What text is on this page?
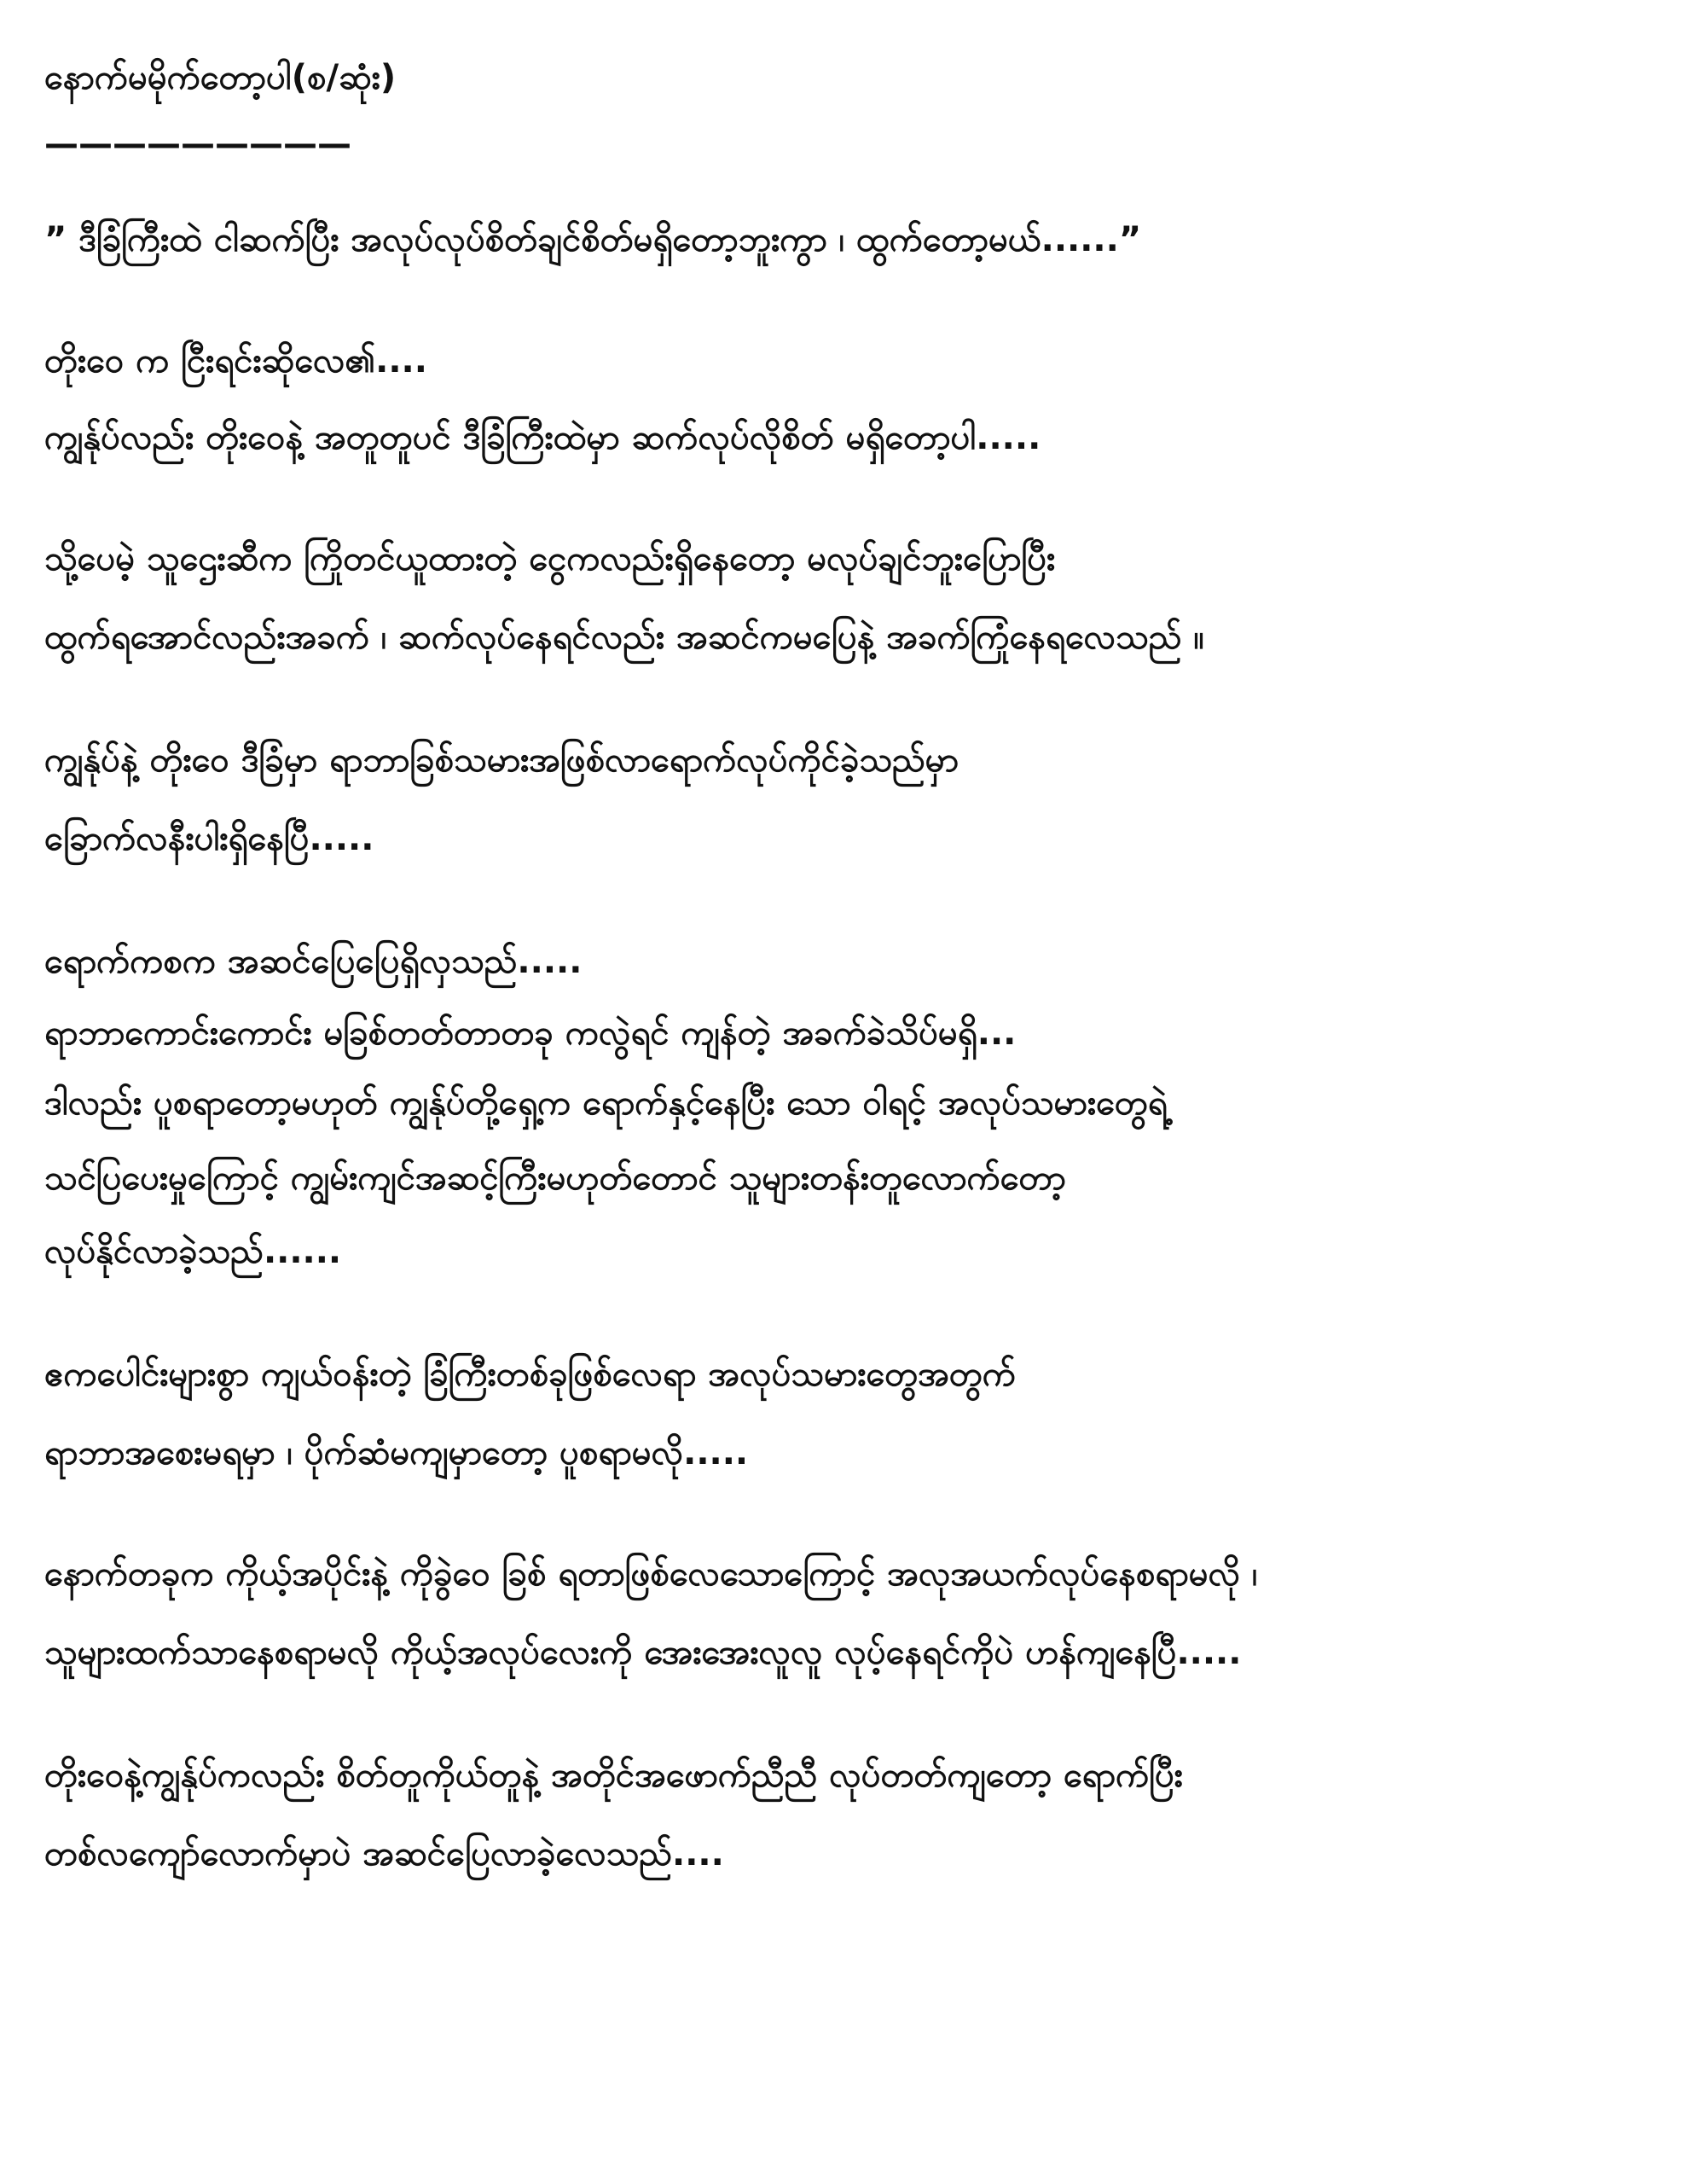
နောက်မမိုက်တော့ပါ(စ/ဆုံး)
—————————
” ဒီခြံကြီးထဲ ငါဆက်ပြီး အလုပ်လုပ်စိတ်ချင်စိတ်မရှိတော့ဘူးကွာ ၊ ထွက်တော့မယ်......”
တိုးဝေ က ငြီးရင်းဆိုလေ၏....
ကျွန်ုပ်လည်း တိုးဝေနဲ့ အတူတူပင် ဒီခြံကြီးထဲမှာ ဆက်လုပ်လိုစိတ် မရှိတော့ပါ.....
သို့ပေမဲ့ သူဌေးဆီက ကြိုတင်ယူထားတဲ့ ငွေကလည်းရှိနေတော့ မလုပ်ချင်ဘူးပြောပြီး
ထွက်ရအောင်လည်းအခက် ၊ ဆက်လုပ်နေရင်လည်း အဆင်ကမပြေနဲ့ အခက်ကြုံနေရလေသည် ။
ကျွန်ုပ်နဲ့ တိုးဝေ ဒီခြံမှာ ရာဘာခြစ်သမားအဖြစ်လာရောက်လုပ်ကိုင်ခဲ့သည်မှာ
ခြောက်လနီးပါးရှိနေပြီ.....
ရောက်ကစက အဆင်ပြေပြေရှိလှသည်.....
ရာဘာကောင်းကောင်း မခြစ်တတ်တာတခု ကလွဲရင် ကျန်တဲ့ အခက်ခဲသိပ်မရှိ...
ဒါလည်း ပူစရာတော့မဟုတ် ကျွန်ုပ်တို့ရှေ့က ရောက်နှင့်နေပြီး သော ဝါရင့် အလုပ်သမားတွေရဲ့
သင်ပြပေးမှုကြောင့် ကျွမ်းကျင်အဆင့်ကြီးမဟုတ်တောင် သူများတန်းတူလောက်တော့
လုပ်နိုင်လာခဲ့သည်......
ဧကပေါင်းများစွာ ကျယ်ဝန်းတဲ့ ခြံကြီးတစ်ခုဖြစ်လေရာ အလုပ်သမားတွေအတွက်
ရာဘာအစေးမရမှာ ၊ ပိုက်ဆံမကျမှာတော့ ပူစရာမလို.....
နောက်တခုက ကိုယ့်အပိုင်းနဲ့ ကိုခွဲဝေ ခြစ် ရတာဖြစ်လေသောကြောင့် အလုအယက်လုပ်နေစရာမလို ၊
သူများထက်သာနေစရာမလို ကိုယ့်အလုပ်လေးကို အေးအေးလူလူ လုပ့်နေရင်ကိုပဲ ဟန်ကျနေပြီ.....
တိုးဝေနဲ့ကျွန်ုပ်ကလည်း စိတ်တူကိုယ်တူနဲ့ အတိုင်အဖောက်ညီညီ လုပ်တတ်ကျတော့ ရောက်ပြီး
တစ်လကျော်လောက်မှာပဲ အဆင်ပြေလာခဲ့လေသည်....
